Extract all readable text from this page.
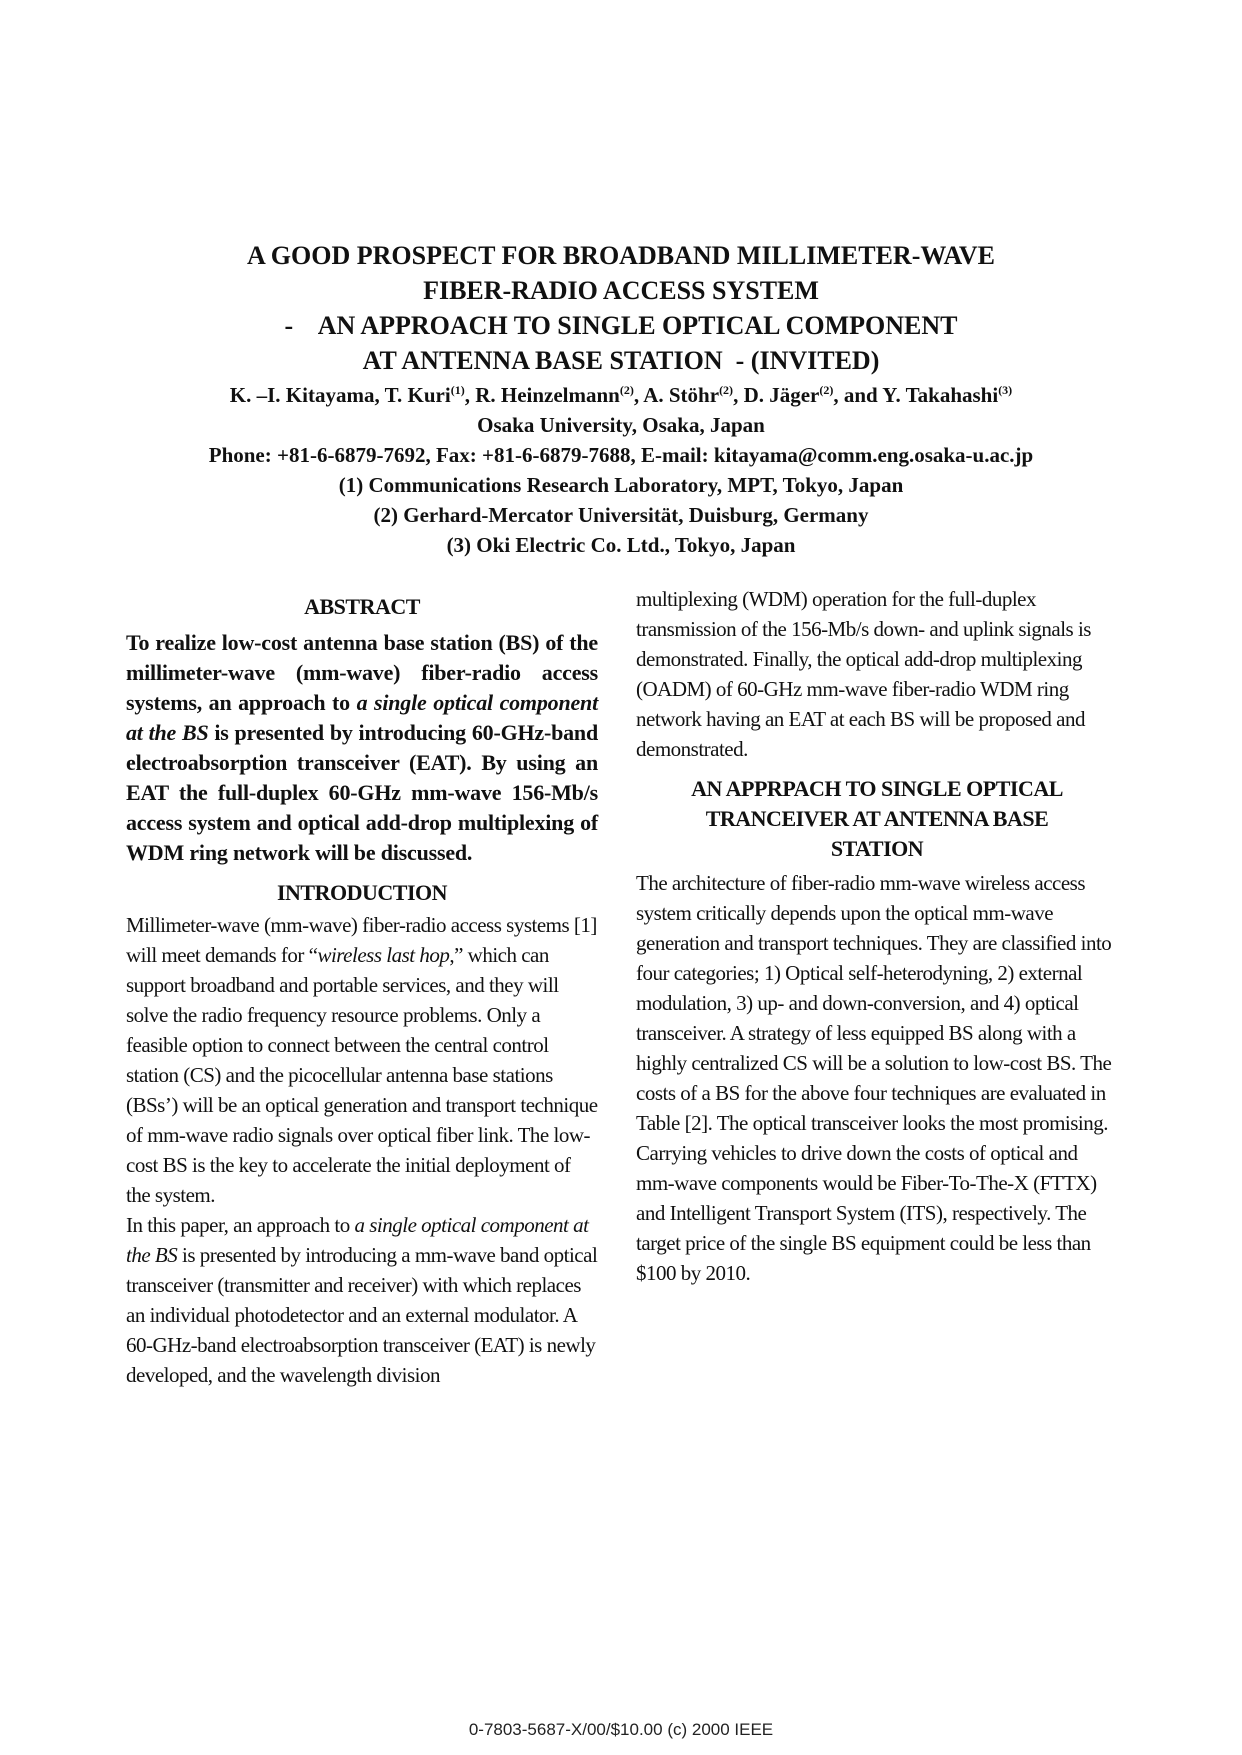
A GOOD PROSPECT FOR BROADBAND MILLIMETER-WAVE
FIBER-RADIO ACCESS SYSTEM
-    AN APPROACH TO SINGLE OPTICAL COMPONENT
AT ANTENNA BASE STATION  - (INVITED)
K. –I. Kitayama, T. Kuri$^{(1)}$, R. Heinzelmann$^{(2)}$, A. Stöhr$^{(2)}$, D. Jäger$^{(2)}$, and Y. Takahashi$^{(3)}$
Osaka University, Osaka, Japan
Phone: +81-6-6879-7692, Fax: +81-6-6879-7688, E-mail: kitayama@comm.eng.osaka-u.ac.jp
(1) Communications Research Laboratory, MPT, Tokyo, Japan
(2) Gerhard-Mercator Universität, Duisburg, Germany
(3) Oki Electric Co. Ltd., Tokyo, Japan
ABSTRACT
To realize low-cost antenna base station (BS) of the millimeter-wave (mm-wave) fiber-radio access systems, an approach to a single optical component at the BS is presented by introducing 60-GHz-band electroabsorption transceiver (EAT). By using an EAT the full-duplex 60-GHz mm-wave 156-Mb/s access system and optical add-drop multiplexing of WDM ring network will be discussed.
INTRODUCTION
Millimeter-wave (mm-wave) fiber-radio access systems [1] will meet demands for “wireless last hop,” which can support broadband and portable services, and they will solve the radio frequency resource problems. Only a feasible option to connect between the central control station (CS) and the picocellular antenna base stations (BSs’) will be an optical generation and transport technique of mm-wave radio signals over optical fiber link. The low-cost BS is the key to accelerate the initial deployment of the system.
In this paper, an approach to a single optical component at the BS is presented by introducing a mm-wave band optical transceiver (transmitter and receiver) with which replaces an individual photodetector and an external modulator. A 60-GHz-band electroabsorption transceiver (EAT) is newly developed, and the wavelength division
multiplexing (WDM) operation for the full-duplex transmission of the 156-Mb/s down- and uplink signals is demonstrated. Finally, the optical add-drop multiplexing (OADM) of 60-GHz mm-wave fiber-radio WDM ring network having an EAT at each BS will be proposed and demonstrated.
AN APPRPACH TO SINGLE OPTICAL
TRANCEIVER AT ANTENNA BASE
STATION
The architecture of fiber-radio mm-wave wireless access system critically depends upon the optical mm-wave generation and transport techniques. They are classified into four categories; 1) Optical self-heterodyning, 2) external modulation, 3) up- and down-conversion, and 4) optical transceiver. A strategy of less equipped BS along with a highly centralized CS will be a solution to low-cost BS. The costs of a BS for the above four techniques are evaluated in Table [2]. The optical transceiver looks the most promising. Carrying vehicles to drive down the costs of optical and mm-wave components would be Fiber-To-The-X (FTTX) and Intelligent Transport System (ITS), respectively. The target price of the single BS equipment could be less than $100 by 2010.
0-7803-5687-X/00/$10.00 (c) 2000 IEEE
